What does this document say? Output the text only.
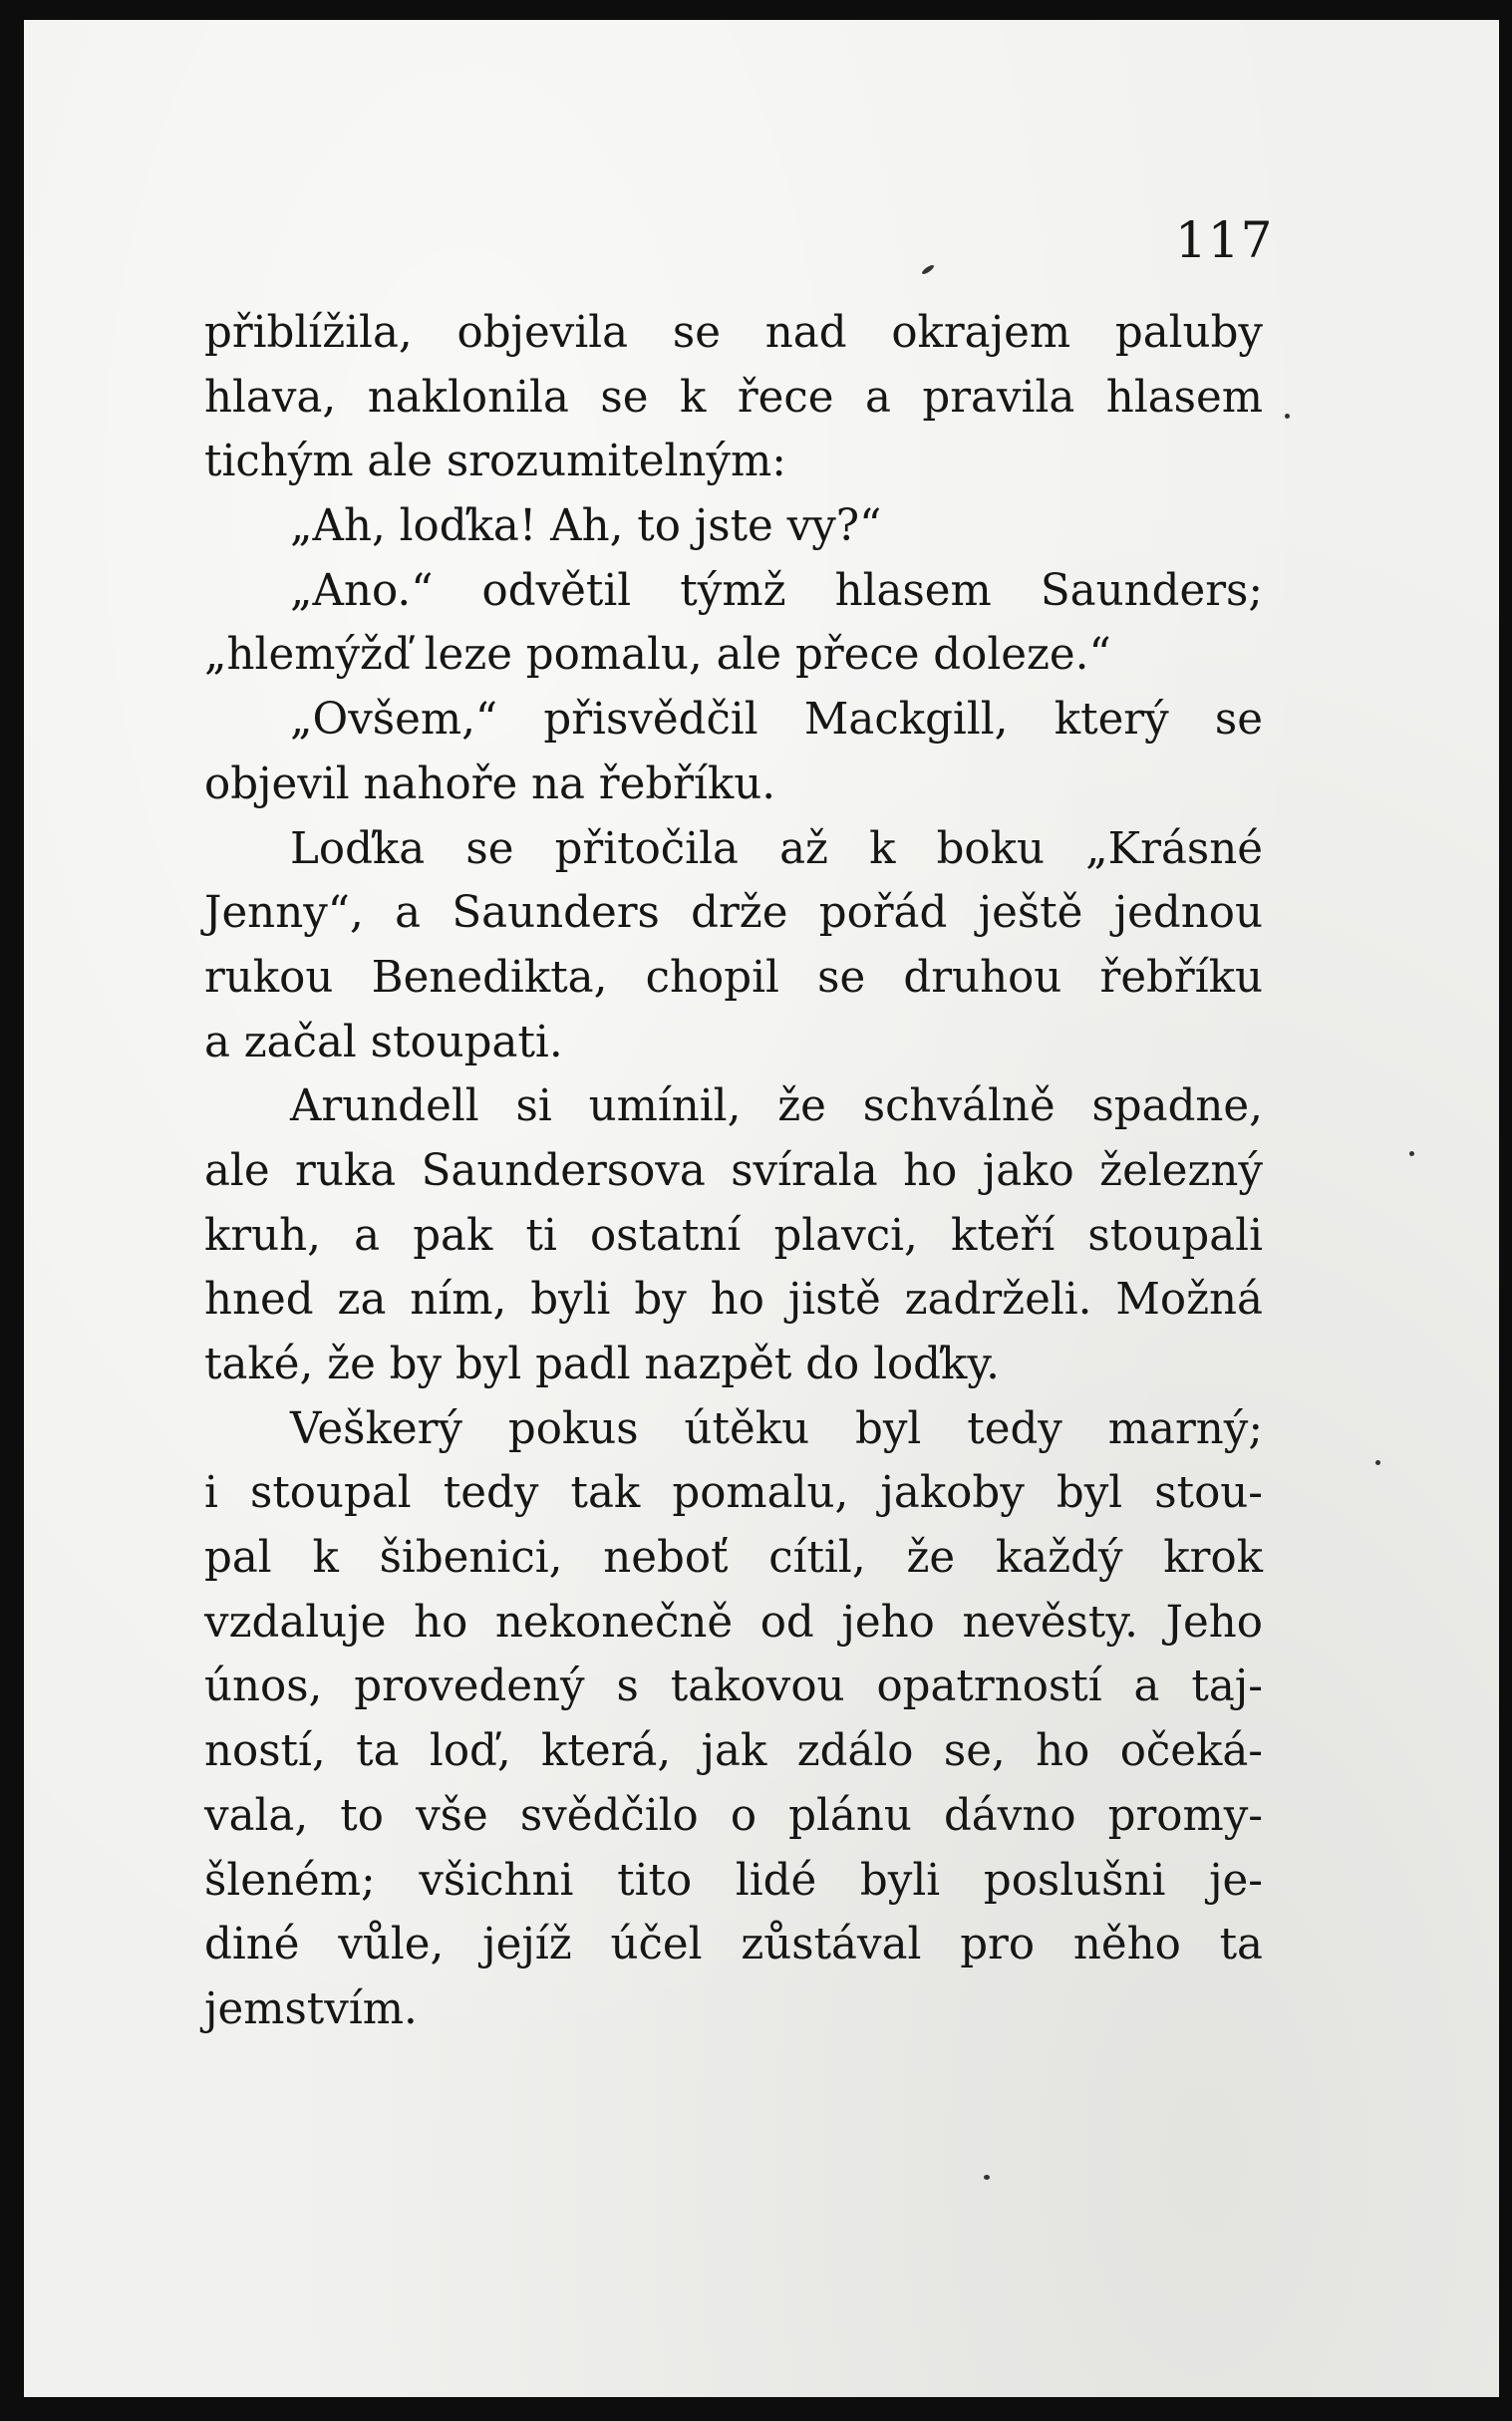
117
přiblížila, objevila se nad okrajem paluby
hlava, naklonila se k řece a pravila hlasem
tichým ale srozumitelným:
„Ah, loďka! Ah, to jste vy?“
„Ano.“ odvětil týmž hlasem Saunders;
„hlemýžď leze pomalu, ale přece doleze.“
„Ovšem,“ přisvědčil Mackgill, který se
objevil nahoře na řebříku.
Loďka se přitočila až k boku „Krásné
Jenny“, a Saunders drže pořád ještě jednou
rukou Benedikta, chopil se druhou řebříku
a začal stoupati.
Arundell si umínil, že schválně spadne,
ale ruka Saundersova svírala ho jako železný
kruh, a pak ti ostatní plavci, kteří stoupali
hned za ním, byli by ho jistě zadrželi. Možná
také, že by byl padl nazpět do loďky.
Veškerý pokus útěku byl tedy marný;
i stoupal tedy tak pomalu, jakoby byl stou-
pal k šibenici, neboť cítil, že každý krok
vzdaluje ho nekonečně od jeho nevěsty. Jeho
únos, provedený s takovou opatrností a taj-
ností, ta loď, která, jak zdálo se, ho očeká-
vala, to vše svědčilo o plánu dávno promy-
šleném; všichni tito lidé byli poslušni je-
diné vůle, jejíž účel zůstával pro něho ta
jemstvím.
